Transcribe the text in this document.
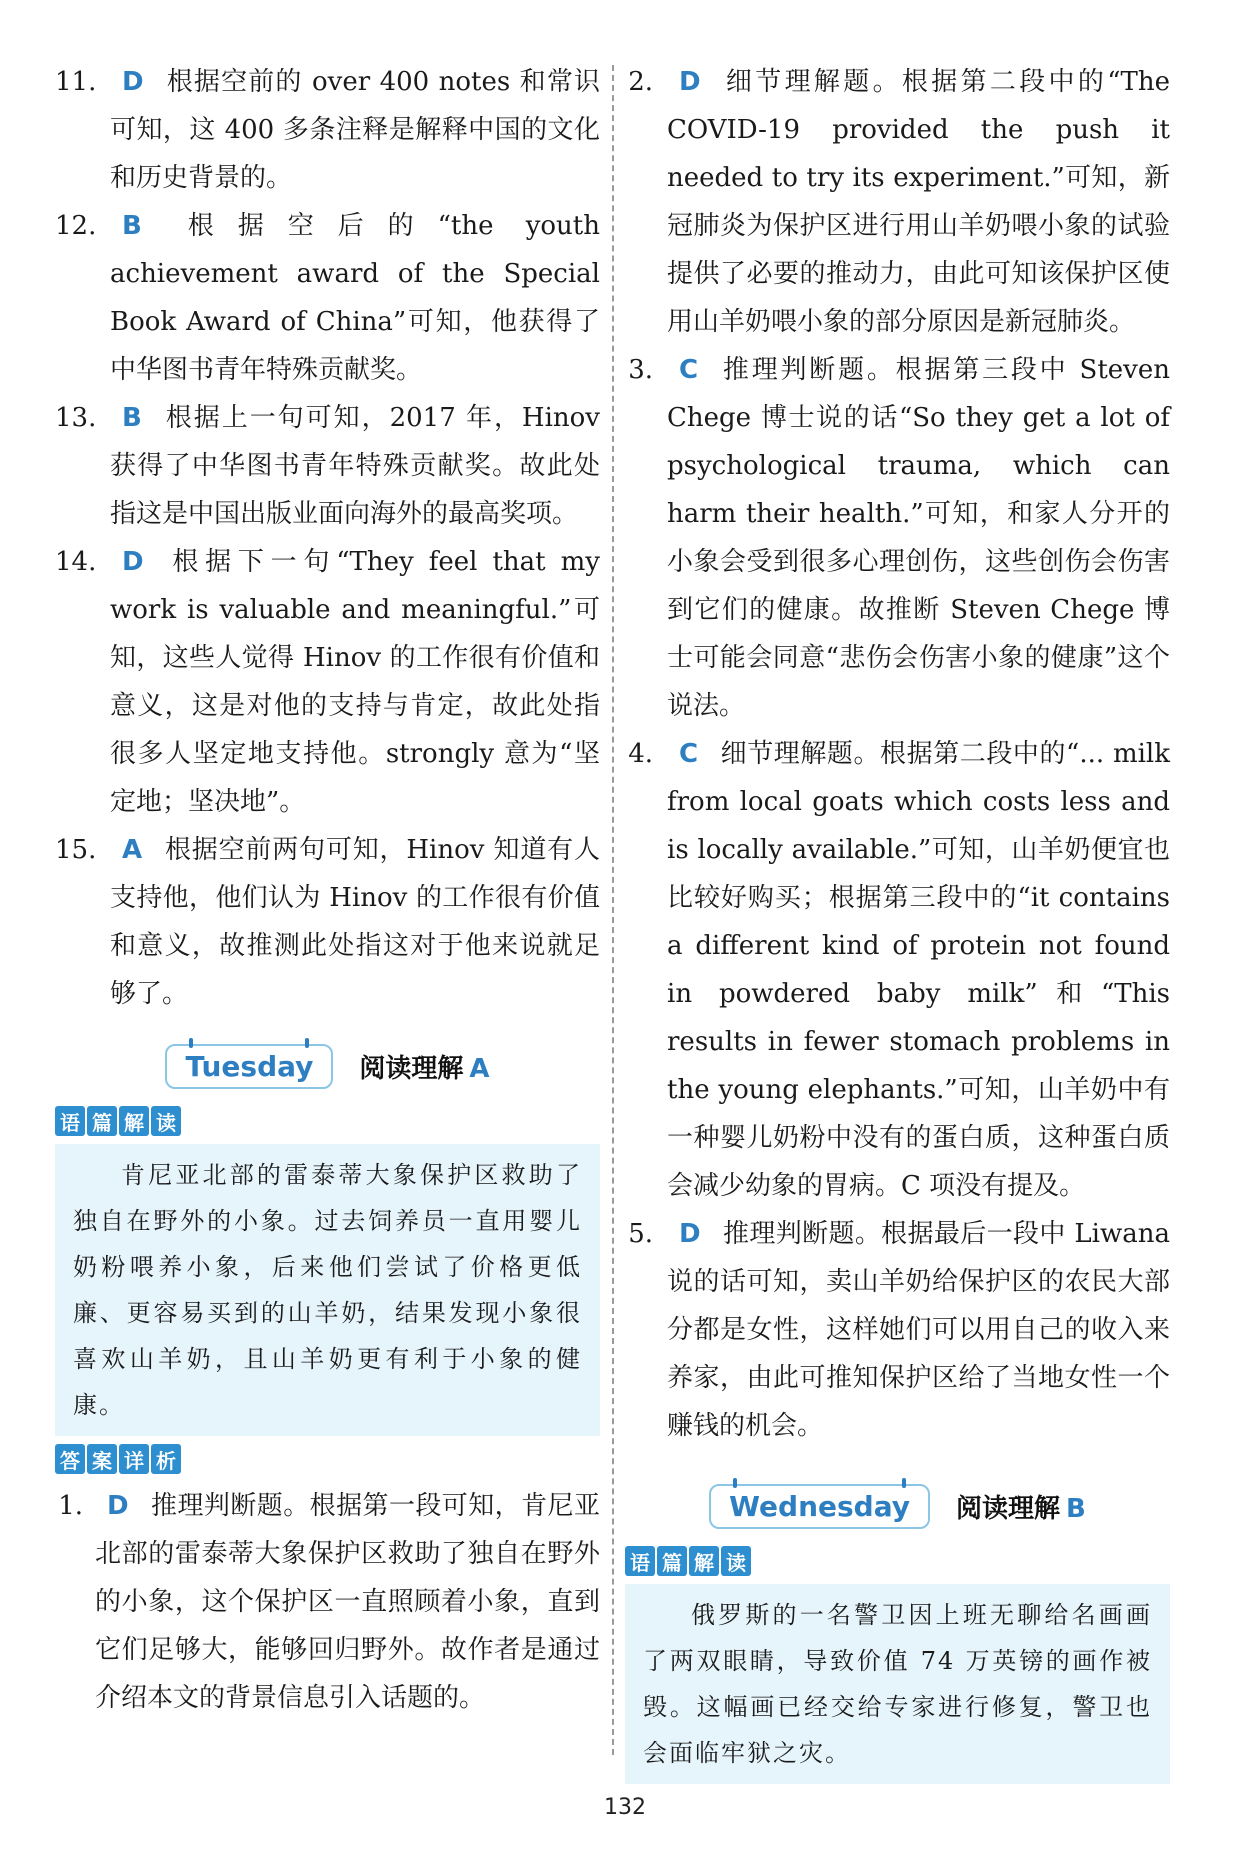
11. D 根据空前的 over 400 notes 和常识可知，这 400 多条注释是解释中国的文化和历史背景的。
12. B 根据空后的“the youth achievement award of the Special Book Award of China”可知，他获得了中华图书青年特殊贡献奖。
13. B 根据上一句可知，2017 年，Hinov 获得了中华图书青年特殊贡献奖。故此处指这是中国出版业面向海外的最高奖项。
14. D 根据下一句“They feel that my work is valuable and meaningful.”可知，这些人觉得 Hinov 的工作很有价值和意义，这是对他的支持与肯定，故此处指很多人坚定地支持他。strongly 意为“坚定地；坚决地”。
15. A 根据空前两句可知，Hinov 知道有人支持他，他们认为 Hinov 的工作很有价值和意义，故推测此处指这对于他来说就足够了。
Tuesday	阅读理解 A
语 篇 解 读
肯尼亚北部的雷泰蒂大象保护区救助了独自在野外的小象。过去饲养员一直用婴儿奶粉喂养小象，后来他们尝试了价格更低廉、更容易买到的山羊奶，结果发现小象很喜欢山羊奶，且山羊奶更有利于小象的健康。
答 案 详 析
1. D 推理判断题。根据第一段可知，肯尼亚北部的雷泰蒂大象保护区救助了独自在野外的小象，这个保护区一直照顾着小象，直到它们足够大，能够回归野外。故作者是通过介绍本文的背景信息引入话题的。
2. D 细节理解题。根据第二段中的“The COVID-19 provided the push it needed to try its experiment.”可知，新冠肺炎为保护区进行用山羊奶喂小象的试验提供了必要的推动力，由此可知该保护区使用山羊奶喂小象的部分原因是新冠肺炎。
3. C 推理判断题。根据第三段中 Steven Chege 博士说的话“So they get a lot of psychological trauma, which can harm their health.”可知，和家人分开的小象会受到很多心理创伤，这些创伤会伤害到它们的健康。故推断 Steven Chege 博士可能会同意“悲伤会伤害小象的健康”这个说法。
4. C 细节理解题。根据第二段中的“... milk from local goats which costs less and is locally available.”可知，山羊奶便宜也比较好购买；根据第三段中的“it contains a different kind of protein not found in powdered baby milk”和“This results in fewer stomach problems in the young elephants.”可知，山羊奶中有一种婴儿奶粉中没有的蛋白质，这种蛋白质会减少幼象的胃病。C 项没有提及。
5. D 推理判断题。根据最后一段中 Liwana 说的话可知，卖山羊奶给保护区的农民大部分都是女性，这样她们可以用自己的收入来养家，由此可推知保护区给了当地女性一个赚钱的机会。
Wednesday	阅读理解 B
语 篇 解 读
俄罗斯的一名警卫因上班无聊给名画画了两双眼睛，导致价值 74 万英镑的画作被毁。这幅画已经交给专家进行修复，警卫也会面临牢狱之灾。
132
